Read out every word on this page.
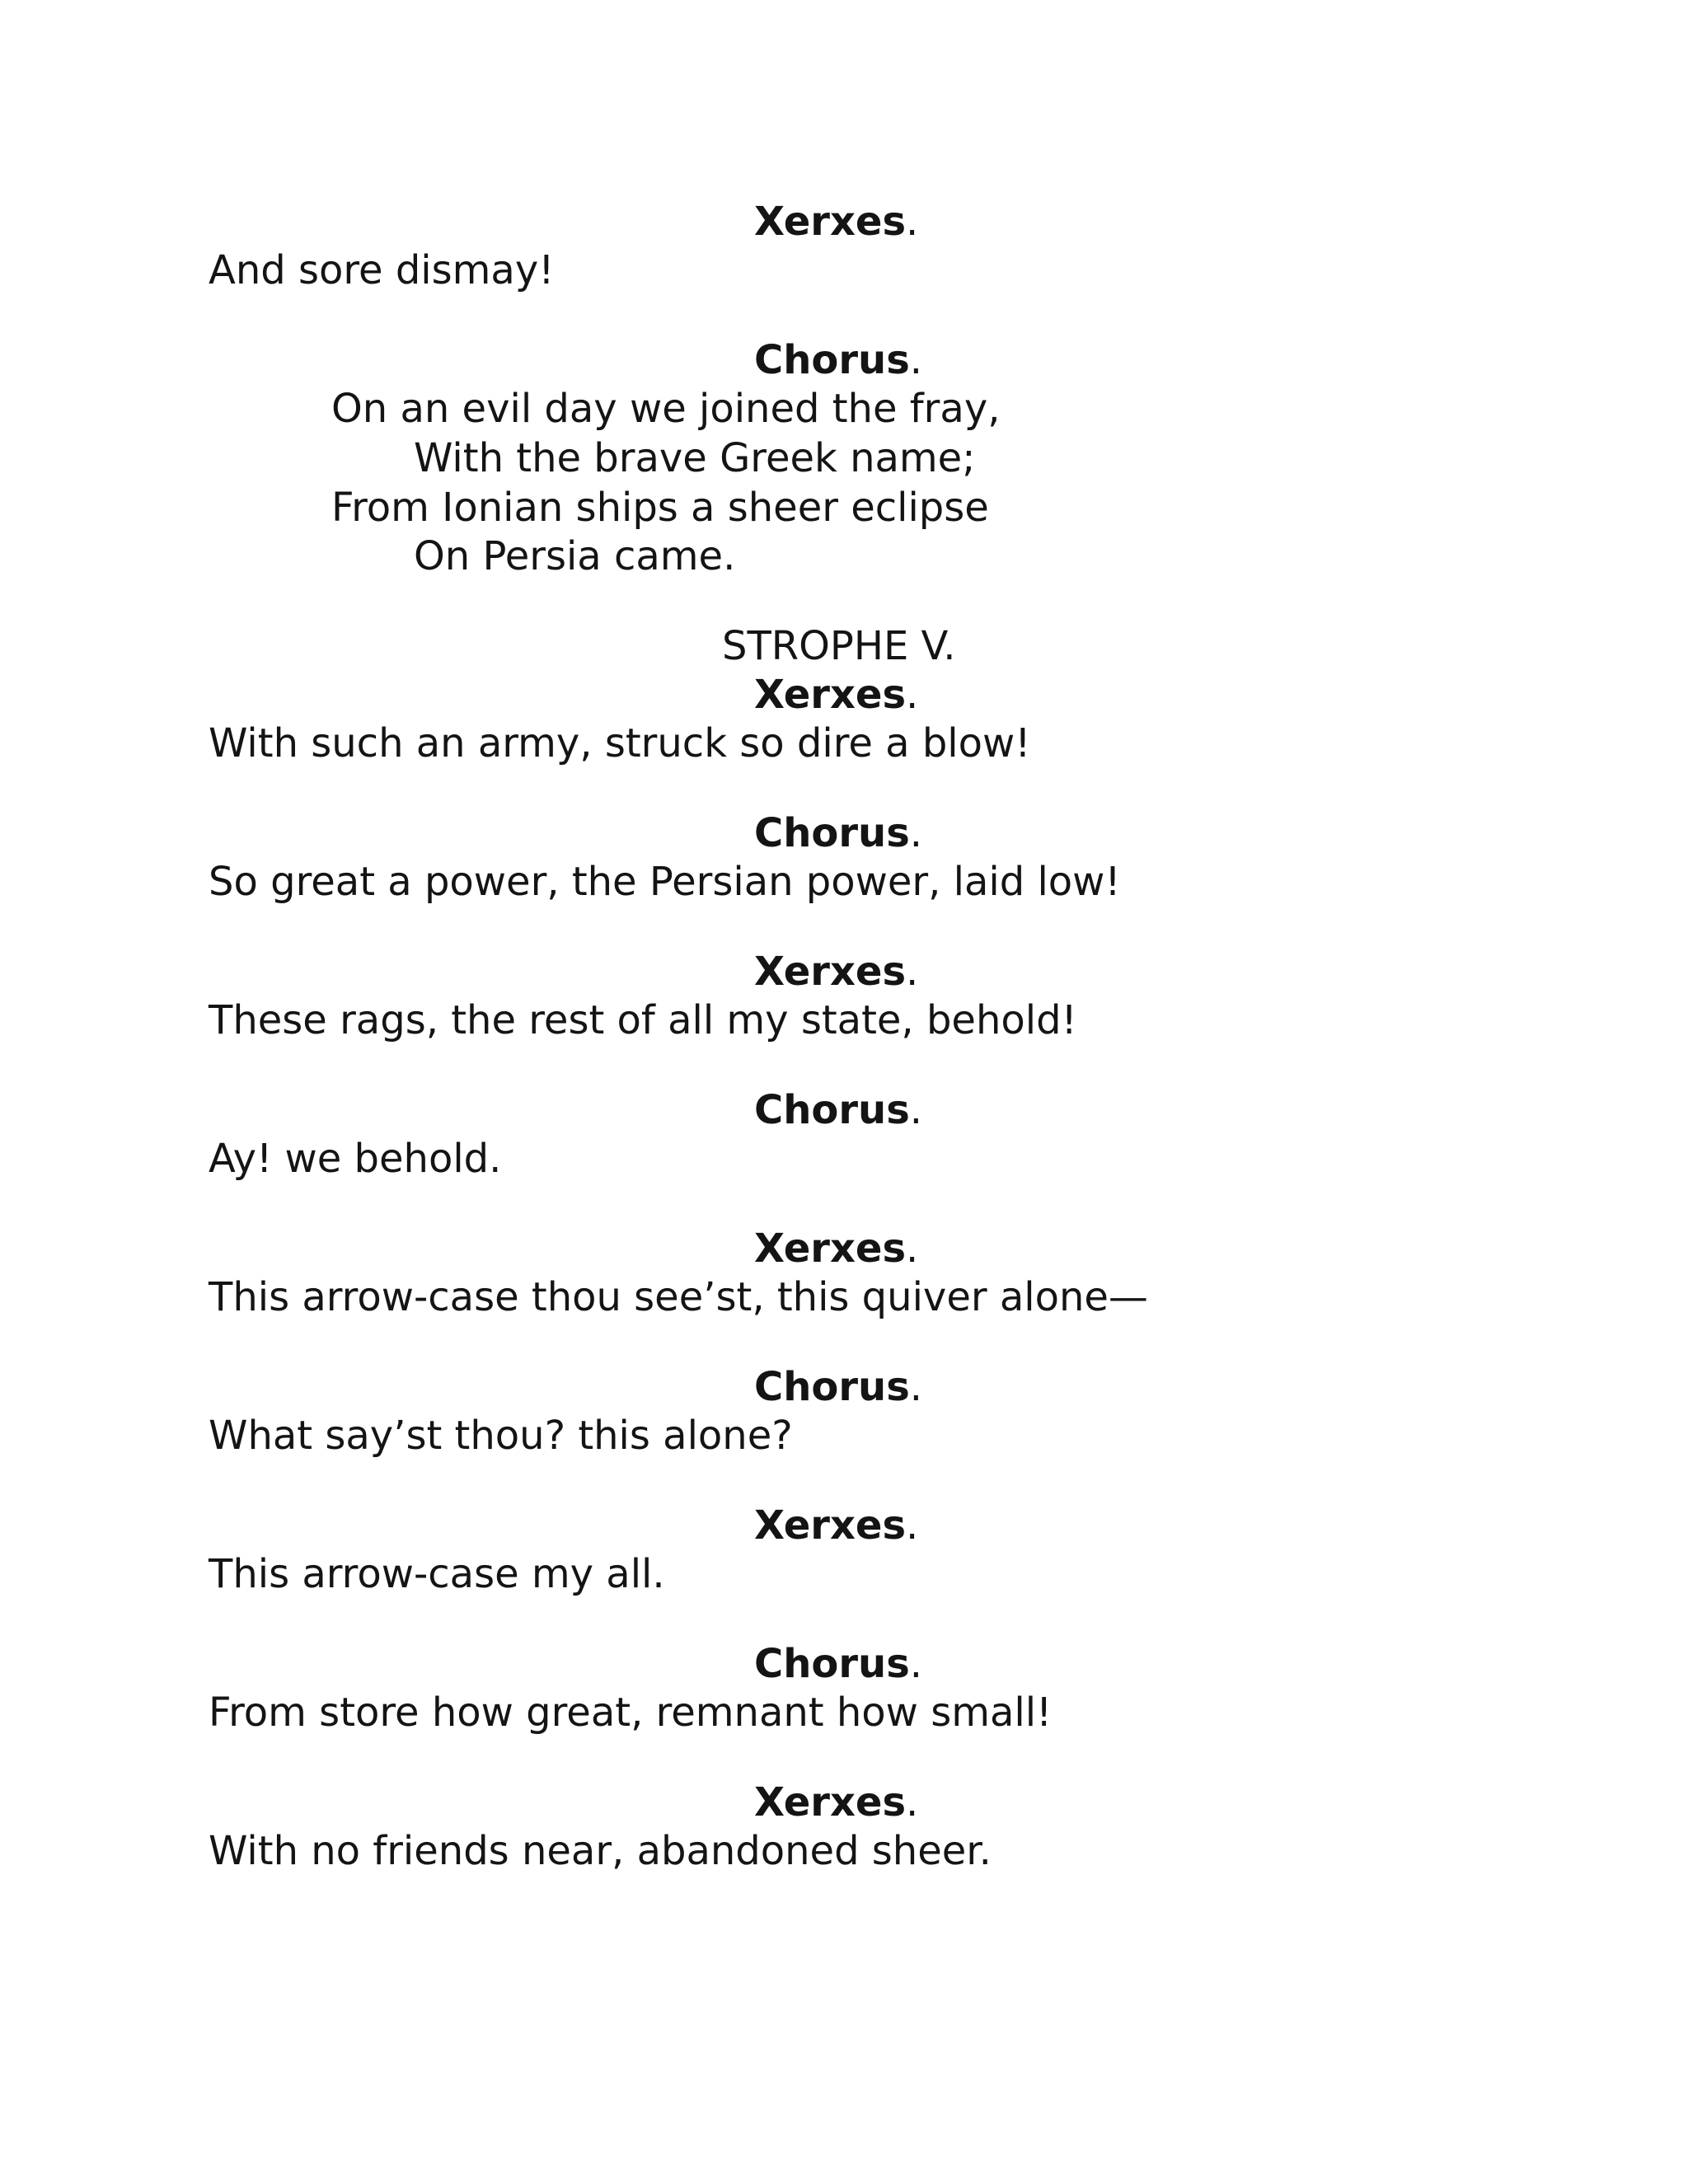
Xerxes.
And sore dismay!
Chorus.
On an evil day we joined the fray,
With the brave Greek name;
From Ionian ships a sheer eclipse
On Persia came.
STROPHE V.
Xerxes.
With such an army, struck so dire a blow!
Chorus.
So great a power, the Persian power, laid low!
Xerxes.
These rags, the rest of all my state, behold!
Chorus.
Ay! we behold.
Xerxes.
This arrow-case thou see’st, this quiver alone—
Chorus.
What say’st thou? this alone?
Xerxes.
This arrow-case my all.
Chorus.
From store how great, remnant how small!
Xerxes.
With no friends near, abandoned sheer.
